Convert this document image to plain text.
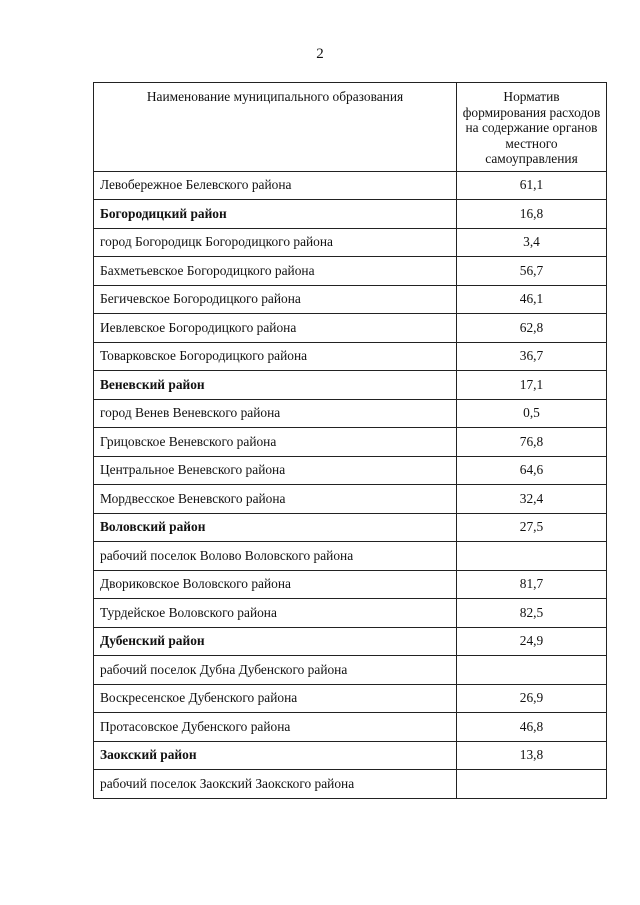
2
Наименование муниципального образования	Норматив формирования расходов на содержание органов местного самоуправления
Левобережное Белевского района	61,1
Богородицкий район	16,8
город Богородицк Богородицкого района	3,4
Бахметьевское Богородицкого района	56,7
Бегичевское Богородицкого района	46,1
Иевлевское Богородицкого района	62,8
Товарковское Богородицкого района	36,7
Веневский район	17,1
город Венев Веневского района	0,5
Грицовское Веневского района	76,8
Центральное Веневского района	64,6
Мордвесское Веневского района	32,4
Воловский район	27,5
рабочий поселок Волово Воловского района	
Двориковское Воловского района	81,7
Турдейское Воловского района	82,5
Дубенский район	24,9
рабочий поселок Дубна Дубенского района	
Воскресенское Дубенского района	26,9
Протасовское Дубенского района	46,8
Заокский район	13,8
рабочий поселок Заокский Заокского района	
